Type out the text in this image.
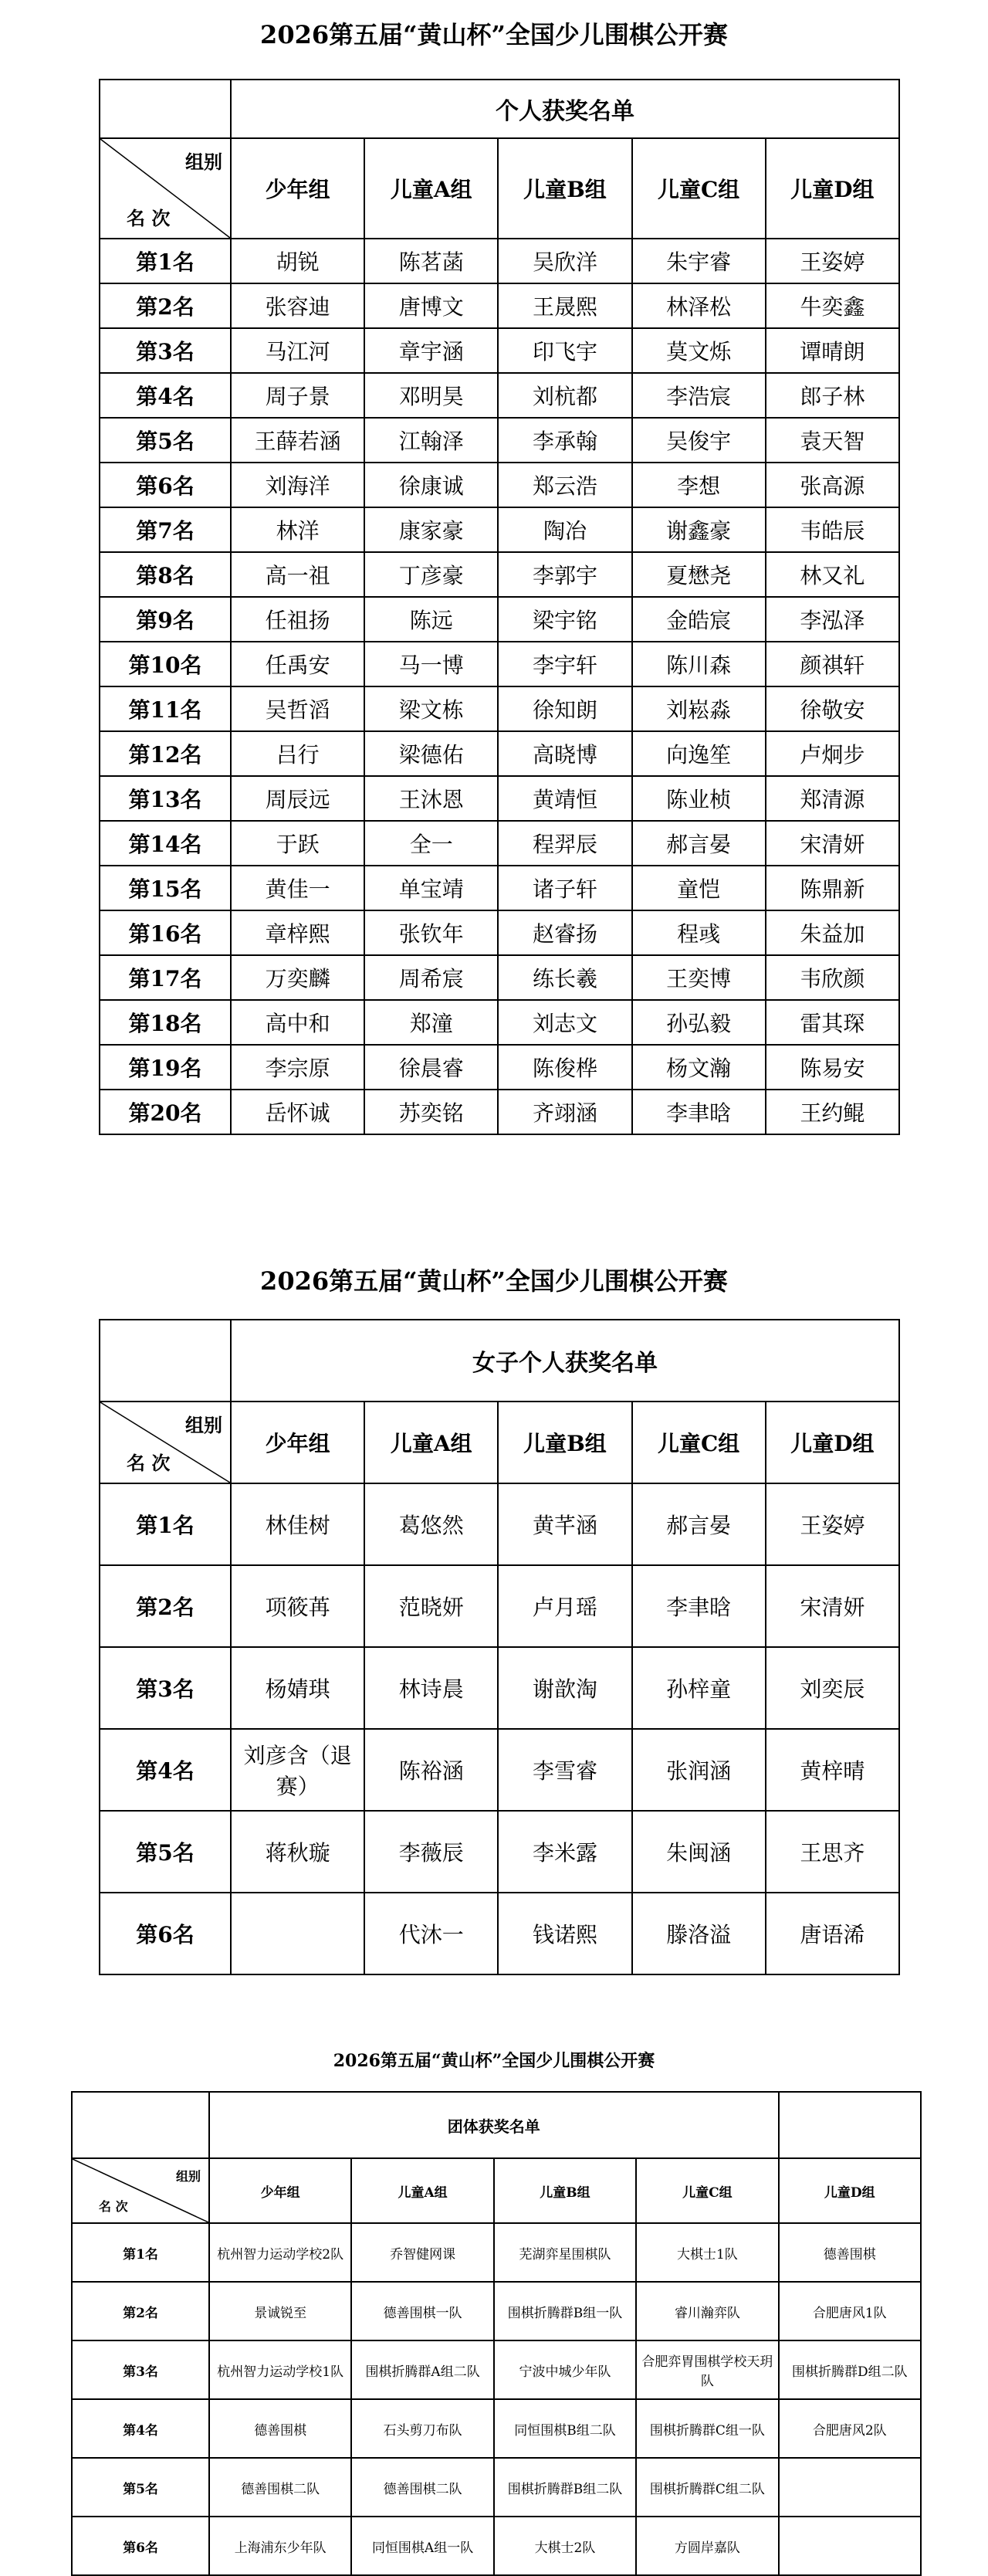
2026第五届“黄山杯”全国少儿围棋公开赛
	个人获奖名单				

组别
名 次	少年组	儿童A组	儿童B组	儿童C组	儿童D组
第1名	胡锐	陈茗菡	吴欣洋	朱宇睿	王姿婷
第2名	张容迪	唐博文	王晟熙	林泽松	牛奕鑫
第3名	马江河	章宇涵	印飞宇	莫文烁	谭晴朗
第4名	周子景	邓明昊	刘杭都	李浩宸	郎子林
第5名	王薛若涵	江翰泽	李承翰	吴俊宇	袁天智
第6名	刘海洋	徐康诚	郑云浩	李想	张高源
第7名	林洋	康家豪	陶冶	谢鑫豪	韦皓辰
第8名	高一祖	丁彦豪	李郭宇	夏懋尧	林又礼
第9名	任祖扬	陈远	梁宇铭	金皓宸	李泓泽
第10名	任禹安	马一博	李宇轩	陈川森	颜祺轩
第11名	吴哲滔	梁文栋	徐知朗	刘崧淼	徐敬安
第12名	吕行	梁德佑	高晓博	向逸笙	卢炯步
第13名	周辰远	王沐恩	黄靖恒	陈业桢	郑清源
第14名	于跃	全一	程羿辰	郝言晏	宋清妍
第15名	黄佳一	单宝靖	诸子轩	童恺	陈鼎新
第16名	章梓熙	张钦年	赵睿扬	程彧	朱益加
第17名	万奕麟	周希宸	练长羲	王奕博	韦欣颜
第18名	高中和	郑潼	刘志文	孙弘毅	雷其琛
第19名	李宗原	徐晨睿	陈俊桦	杨文瀚	陈易安
第20名	岳怀诚	苏奕铭	齐翊涵	李聿晗	王约鲲
2026第五届“黄山杯”全国少儿围棋公开赛
	女子个人获奖名单				

组别
名 次	少年组	儿童A组	儿童B组	儿童C组	儿童D组
第1名	林佳树	葛悠然	黄芊涵	郝言晏	王姿婷
第2名	项筱苒	范晓妍	卢月瑶	李聿晗	宋清妍
第3名	杨婧琪	林诗晨	谢歆淘	孙梓童	刘奕辰
第4名	刘彦含（退赛）	陈裕涵	李雪睿	张润涵	黄梓晴
第5名	蒋秋璇	李薇辰	李米露	朱闽涵	王思齐
第6名		代沐一	钱诺熙	滕洛溢	唐语浠
2026第五届“黄山杯”全国少儿围棋公开赛
	团体获奖名单				

组别
名 次	少年组	儿童A组	儿童B组	儿童C组	儿童D组
第1名	杭州智力运动学校2队	乔智健网课	芜湖弈星围棋队	大棋士1队	德善围棋
第2名	景诚锐至	德善围棋一队	围棋折腾群B组一队	睿川瀚弈队	合肥唐风1队
第3名	杭州智力运动学校1队	围棋折腾群A组二队	宁波中城少年队	合肥弈胃围棋学校天玥队	围棋折腾群D组二队
第4名	德善围棋	石头剪刀布队	同恒围棋B组二队	围棋折腾群C组一队	合肥唐风2队
第5名	德善围棋二队	德善围棋二队	围棋折腾群B组二队	围棋折腾群C组二队	
第6名	上海浦东少年队	同恒围棋A组一队	大棋士2队	方圆岸嘉队	
